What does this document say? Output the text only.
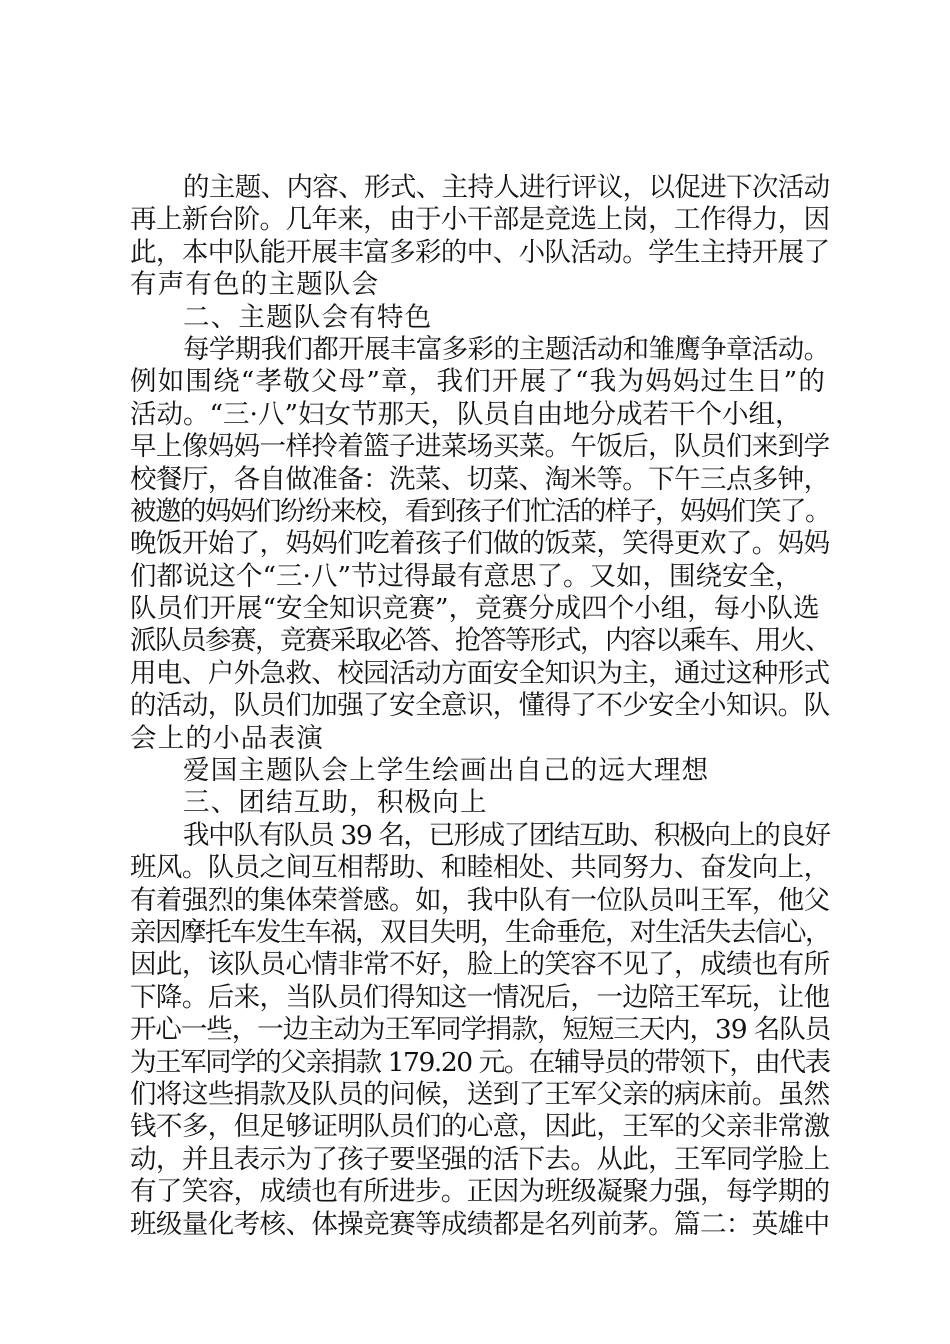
的主题、内容、形式、主持人进行评议，以促进下次活动
再上新台阶。几年来，由于小干部是竞选上岗，工作得力，因
此，本中队能开展丰富多彩的中、小队活动。学生主持开展了
有声有色的主题队会
二、主题队会有特色
每学期我们都开展丰富多彩的主题活动和雏鹰争章活动。
例如围绕“孝敬父母”章，我们开展了“我为妈妈过生日”的
活动。“三·八”妇女节那天，队员自由地分成若干个小组，
早上像妈妈一样拎着篮子进菜场买菜。午饭后，队员们来到学
校餐厅，各自做准备：洗菜、切菜、淘米等。下午三点多钟，
被邀的妈妈们纷纷来校，看到孩子们忙活的样子，妈妈们笑了。
晚饭开始了，妈妈们吃着孩子们做的饭菜，笑得更欢了。妈妈
们都说这个“三·八”节过得最有意思了。又如，围绕安全，
队员们开展“安全知识竞赛”，竞赛分成四个小组，每小队选
派队员参赛，竞赛采取必答、抢答等形式，内容以乘车、用火、
用电、户外急救、校园活动方面安全知识为主，通过这种形式
的活动，队员们加强了安全意识，懂得了不少安全小知识。队
会上的小品表演
爱国主题队会上学生绘画出自己的远大理想
三、团结互助，积极向上
我中队有队员 39 名，已形成了团结互助、积极向上的良好
班风。队员之间互相帮助、和睦相处、共同努力、奋发向上，
有着强烈的集体荣誉感。如，我中队有一位队员叫王军，他父
亲因摩托车发生车祸，双目失明，生命垂危，对生活失去信心，
因此，该队员心情非常不好，脸上的笑容不见了，成绩也有所
下降。后来，当队员们得知这一情况后，一边陪王军玩，让他
开心一些，一边主动为王军同学捐款，短短三天内，39 名队员
为王军同学的父亲捐款 179.20 元。在辅导员的带领下，由代表
们将这些捐款及队员的问候，送到了王军父亲的病床前。虽然
钱不多，但足够证明队员们的心意，因此，王军的父亲非常激
动，并且表示为了孩子要坚强的活下去。从此，王军同学脸上
有了笑容，成绩也有所进步。正因为班级凝聚力强，每学期的
班级量化考核、体操竞赛等成绩都是名列前茅。篇二：英雄中
